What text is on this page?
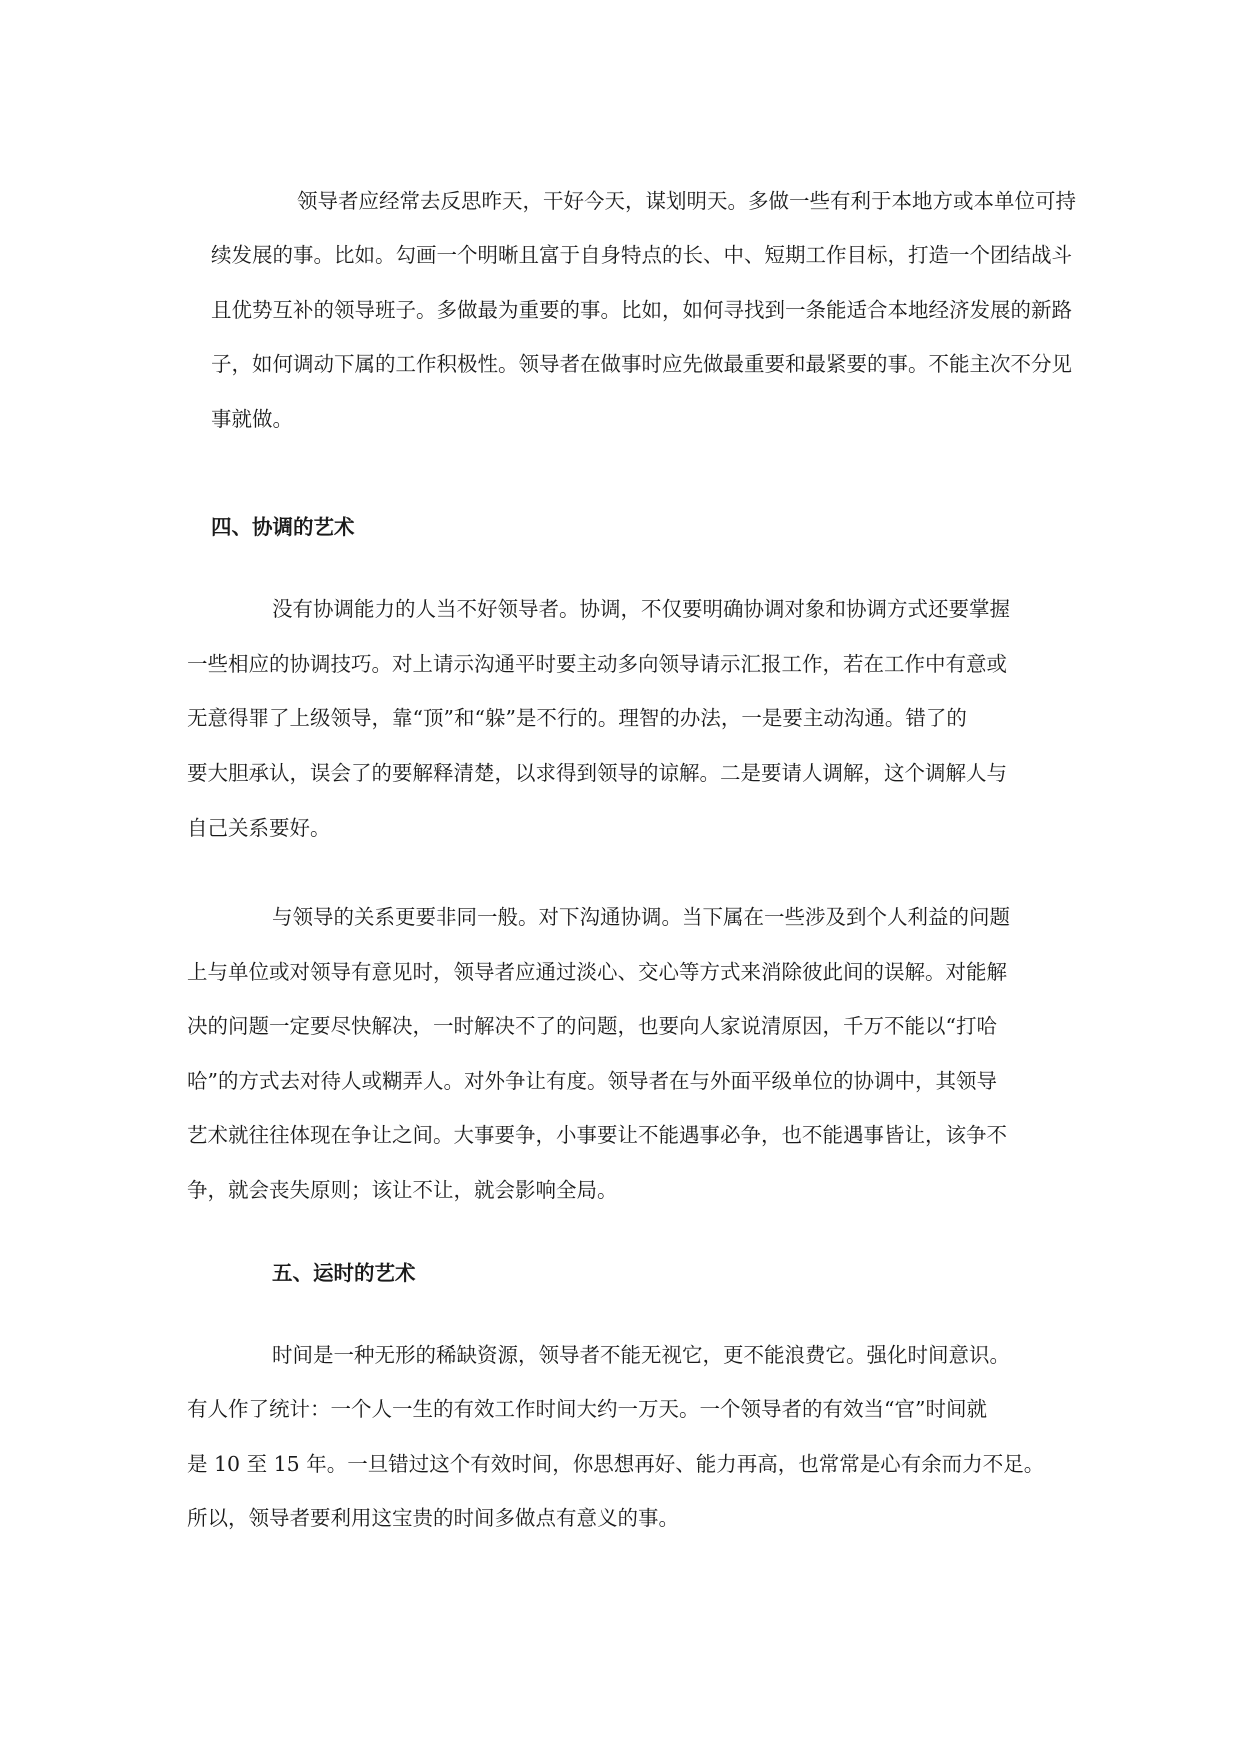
领导者应经常去反思昨天，干好今天，谋划明天。多做一些有利于本地方或本单位可持
续发展的事。比如。勾画一个明晰且富于自身特点的长、中、短期工作目标，打造一个团结战斗
且优势互补的领导班子。多做最为重要的事。比如，如何寻找到一条能适合本地经济发展的新路
子，如何调动下属的工作积极性。领导者在做事时应先做最重要和最紧要的事。不能主次不分见
事就做。
四、协调的艺术
没有协调能力的人当不好领导者。协调，不仅要明确协调对象和协调方式还要掌握
一些相应的协调技巧。对上请示沟通平时要主动多向领导请示汇报工作，若在工作中有意或
无意得罪了上级领导，靠“顶”和“躲”是不行的。理智的办法，一是要主动沟通。错了的
要大胆承认，误会了的要解释清楚，以求得到领导的谅解。二是要请人调解，这个调解人与
自己关系要好。
与领导的关系更要非同一般。对下沟通协调。当下属在一些涉及到个人利益的问题
上与单位或对领导有意见时，领导者应通过淡心、交心等方式来消除彼此间的误解。对能解
决的问题一定要尽快解决，一时解决不了的问题，也要向人家说清原因，千万不能以“打哈
哈”的方式去对待人或糊弄人。对外争让有度。领导者在与外面平级单位的协调中，其领导
艺术就往往体现在争让之间。大事要争，小事要让不能遇事必争，也不能遇事皆让，该争不
争，就会丧失原则；该让不让，就会影响全局。
五、运时的艺术
时间是一种无形的稀缺资源，领导者不能无视它，更不能浪费它。强化时间意识。
有人作了统计：一个人一生的有效工作时间大约一万天。一个领导者的有效当“官”时间就
是 10 至 15 年。一旦错过这个有效时间，你思想再好、能力再高，也常常是心有余而力不足。
所以，领导者要利用这宝贵的时间多做点有意义的事。
